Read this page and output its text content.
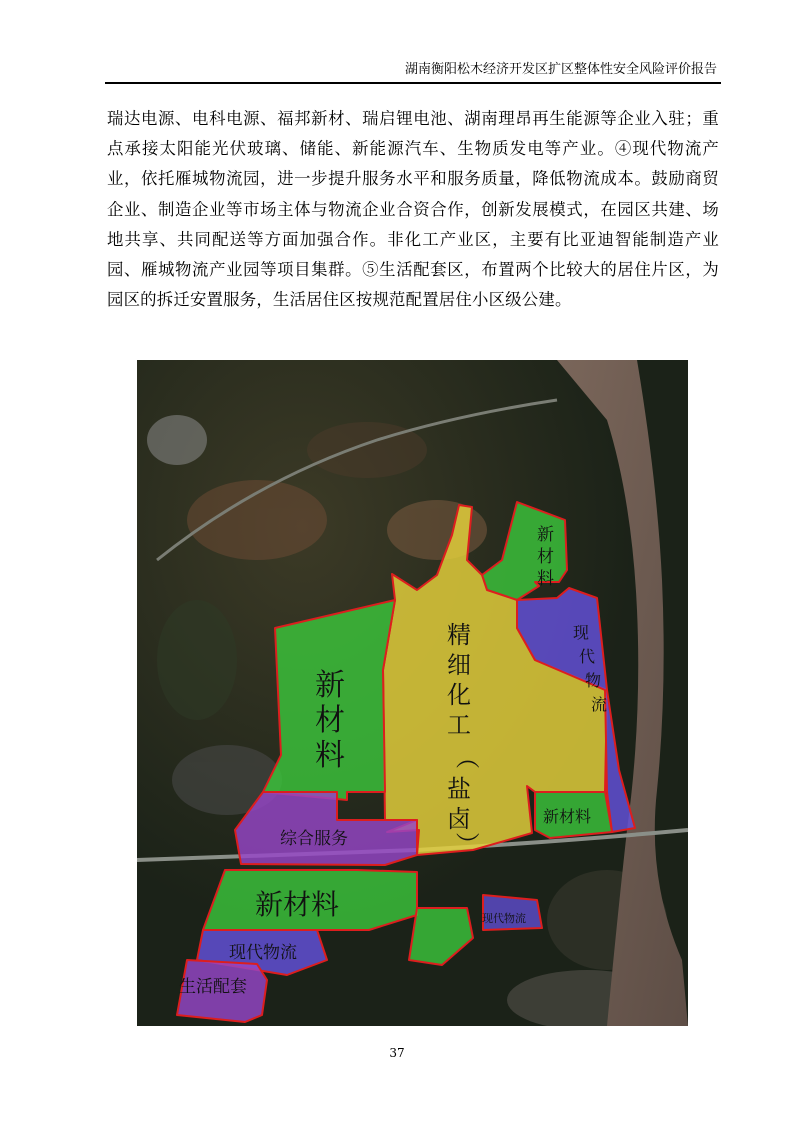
湖南衡阳松木经济开发区扩区整体性安全风险评价报告

瑞达电源、电科电源、福邦新材、瑞启锂电池、湖南理昂再生能源等企业入驻；重点承接太阳能光伏玻璃、储能、新能源汽车、生物质发电等产业。④现代物流产业，依托雁城物流园，进一步提升服务水平和服务质量，降低物流成本。鼓励商贸企业、制造企业等市场主体与物流企业合资合作，创新发展模式，在园区共建、场地共享、共同配送等方面加强合作。非化工产业区，主要有比亚迪智能制造产业园、雁城物流产业园等项目集群。⑤生活配套区，布置两个比较大的居住片区，为园区的拆迁安置服务，生活居住区按规范配置居住小区级公建。

新
材
料
现
代
物
流
新
材
料
精
细
化
工
（
盐
卤
）
新材料
综合服务
新材料	现代物流
现代物流
生活配套
37
